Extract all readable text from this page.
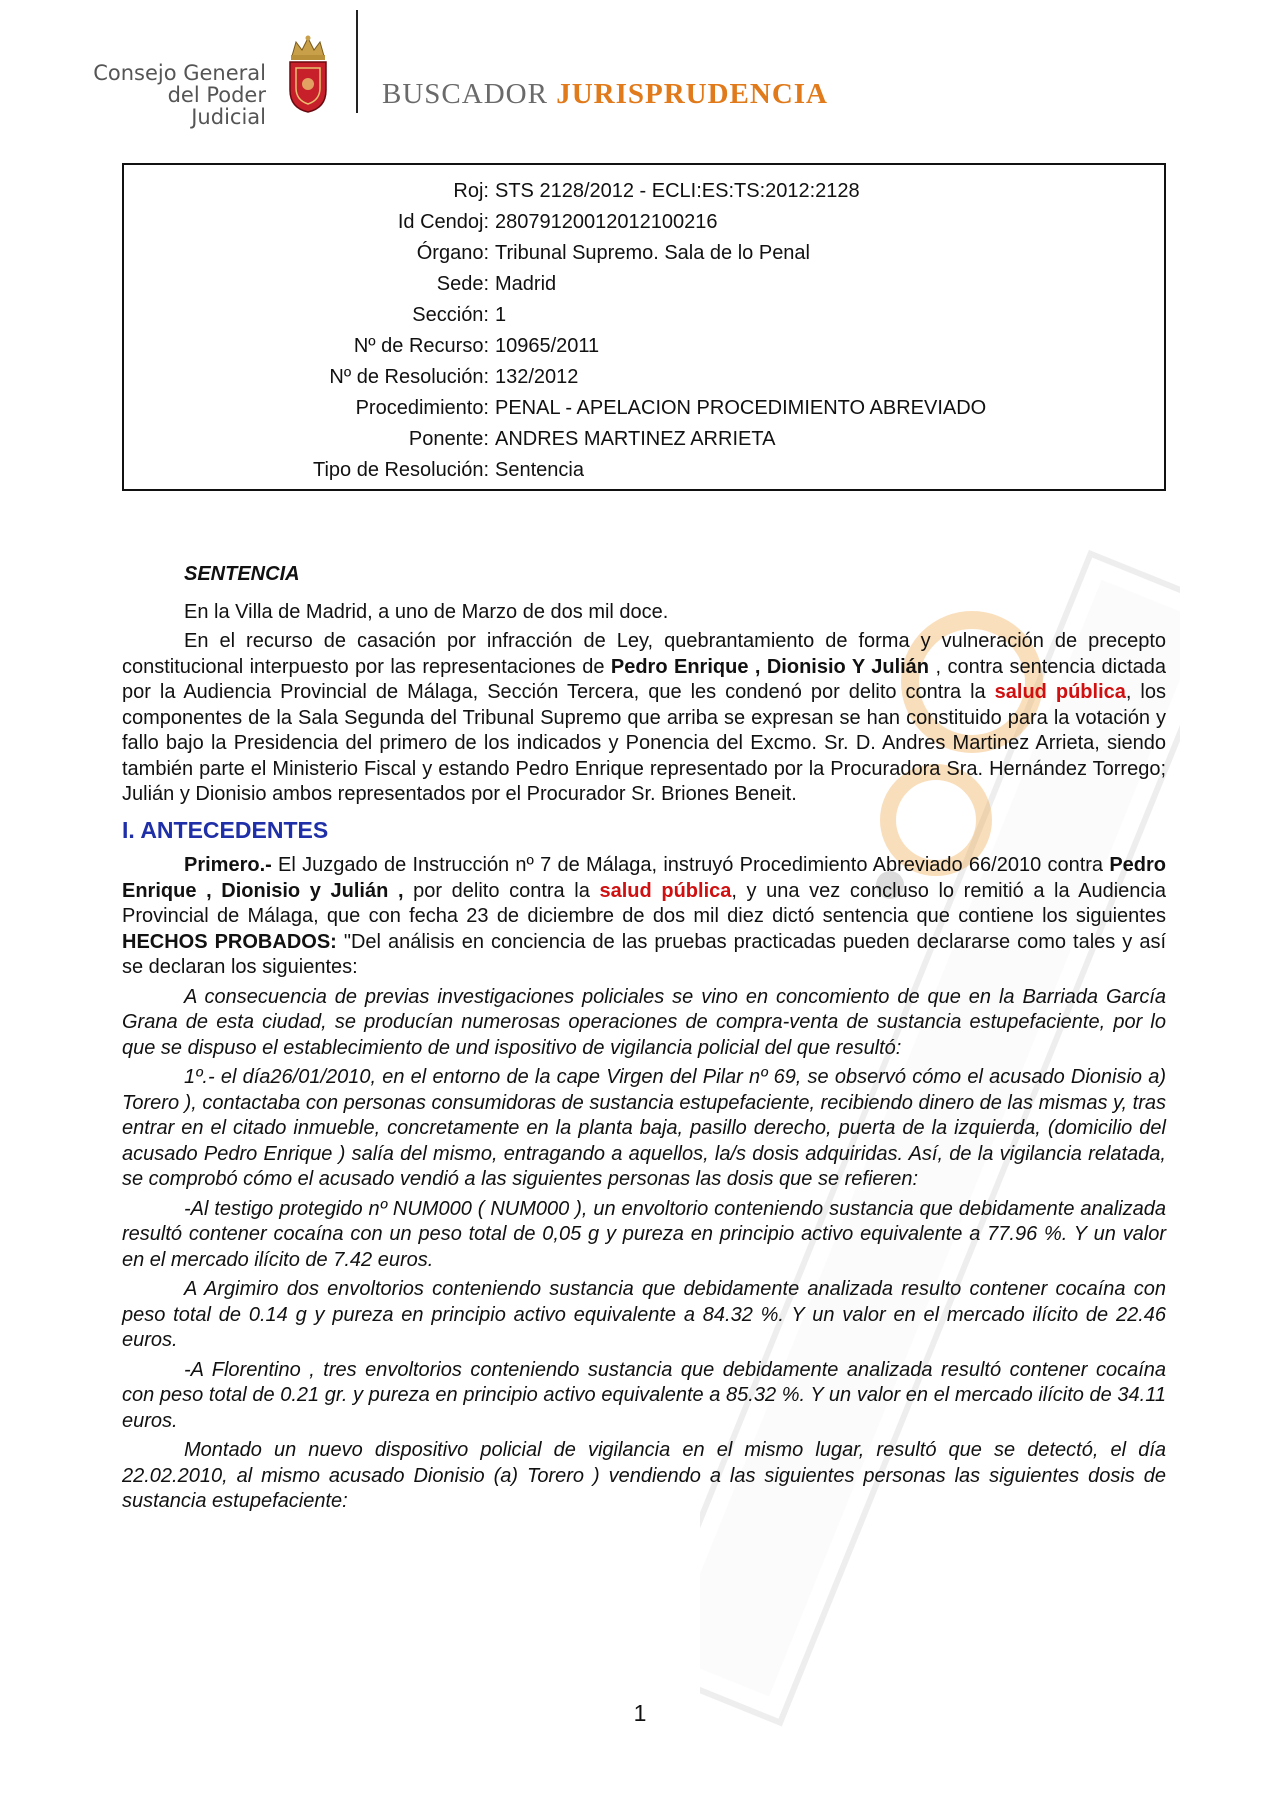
Consejo General
del Poder Judicial
BUSCADOR JURISPRUDENCIA
Roj: STS 2128/2012 - ECLI:ES:TS:2012:2128
Id Cendoj: 28079120012012100216
Órgano: Tribunal Supremo. Sala de lo Penal
Sede: Madrid
Sección: 1
Nº de Recurso: 10965/2011
Nº de Resolución: 132/2012
Procedimiento: PENAL - APELACION PROCEDIMIENTO ABREVIADO
Ponente: ANDRES MARTINEZ ARRIETA
Tipo de Resolución: Sentencia

SENTENCIA

En la Villa de Madrid, a uno de Marzo de dos mil doce.

En el recurso de casación por infracción de Ley, quebrantamiento de forma y vulneración de precepto constitucional interpuesto por las representaciones de Pedro Enrique , Dionisio Y Julián , contra sentencia dictada por la Audiencia Provincial de Málaga, Sección Tercera, que les condenó por delito contra la salud pública, los componentes de la Sala Segunda del Tribunal Supremo que arriba se expresan se han constituido para la votación y fallo bajo la Presidencia del primero de los indicados y Ponencia del Excmo. Sr. D. Andres Martinez Arrieta, siendo también parte el Ministerio Fiscal y estando Pedro Enrique representado por la Procuradora Sra. Hernández Torrego; Julián y Dionisio ambos representados por el Procurador Sr. Briones Beneit.

I. ANTECEDENTES

Primero.- El Juzgado de Instrucción nº 7 de Málaga, instruyó Procedimiento Abreviado 66/2010 contra Pedro Enrique , Dionisio y Julián , por delito contra la salud pública, y una vez concluso lo remitió a la Audiencia Provincial de Málaga, que con fecha 23 de diciembre de dos mil diez dictó sentencia que contiene los siguientes HECHOS PROBADOS: "Del análisis en conciencia de las pruebas practicadas pueden declararse como tales y así se declaran los siguientes:

A consecuencia de previas investigaciones policiales se vino en concomiento de que en la Barriada García Grana de esta ciudad, se producían numerosas operaciones de compra-venta de sustancia estupefaciente, por lo que se dispuso el establecimiento de und ispositivo de vigilancia policial del que resultó:

1º.- el día26/01/2010, en el entorno de la cape Virgen del Pilar nº 69, se observó cómo el acusado Dionisio a) Torero ), contactaba con personas consumidoras de sustancia estupefaciente, recibiendo dinero de las mismas y, tras entrar en el citado inmueble, concretamente en la planta baja, pasillo derecho, puerta de la izquierda, (domicilio del acusado Pedro Enrique ) salía del mismo, entragando a aquellos, la/s dosis adquiridas. Así, de la vigilancia relatada, se comprobó cómo el acusado vendió a las siguientes personas las dosis que se refieren:

-Al testigo protegido nº NUM000 ( NUM000 ), un envoltorio conteniendo sustancia que debidamente analizada resultó contener cocaína con un peso total de 0,05 g y pureza en principio activo equivalente a 77.96 %. Y un valor en el mercado ilícito de 7.42 euros.

A Argimiro dos envoltorios conteniendo sustancia que debidamente analizada resulto contener cocaína con peso total de 0.14 g y pureza en principio activo equivalente a 84.32 %. Y un valor en el mercado ilícito de 22.46 euros.

-A Florentino , tres envoltorios conteniendo sustancia que debidamente analizada resultó contener cocaína con peso total de 0.21 gr. y pureza en principio activo equivalente a 85.32 %. Y un valor en el mercado ilícito de 34.11 euros.

Montado un nuevo dispositivo policial de vigilancia en el mismo lugar, resultó que se detectó, el día 22.02.2010, al mismo acusado Dionisio (a) Torero ) vendiendo a las siguientes personas las siguientes dosis de sustancia estupefaciente:

1
